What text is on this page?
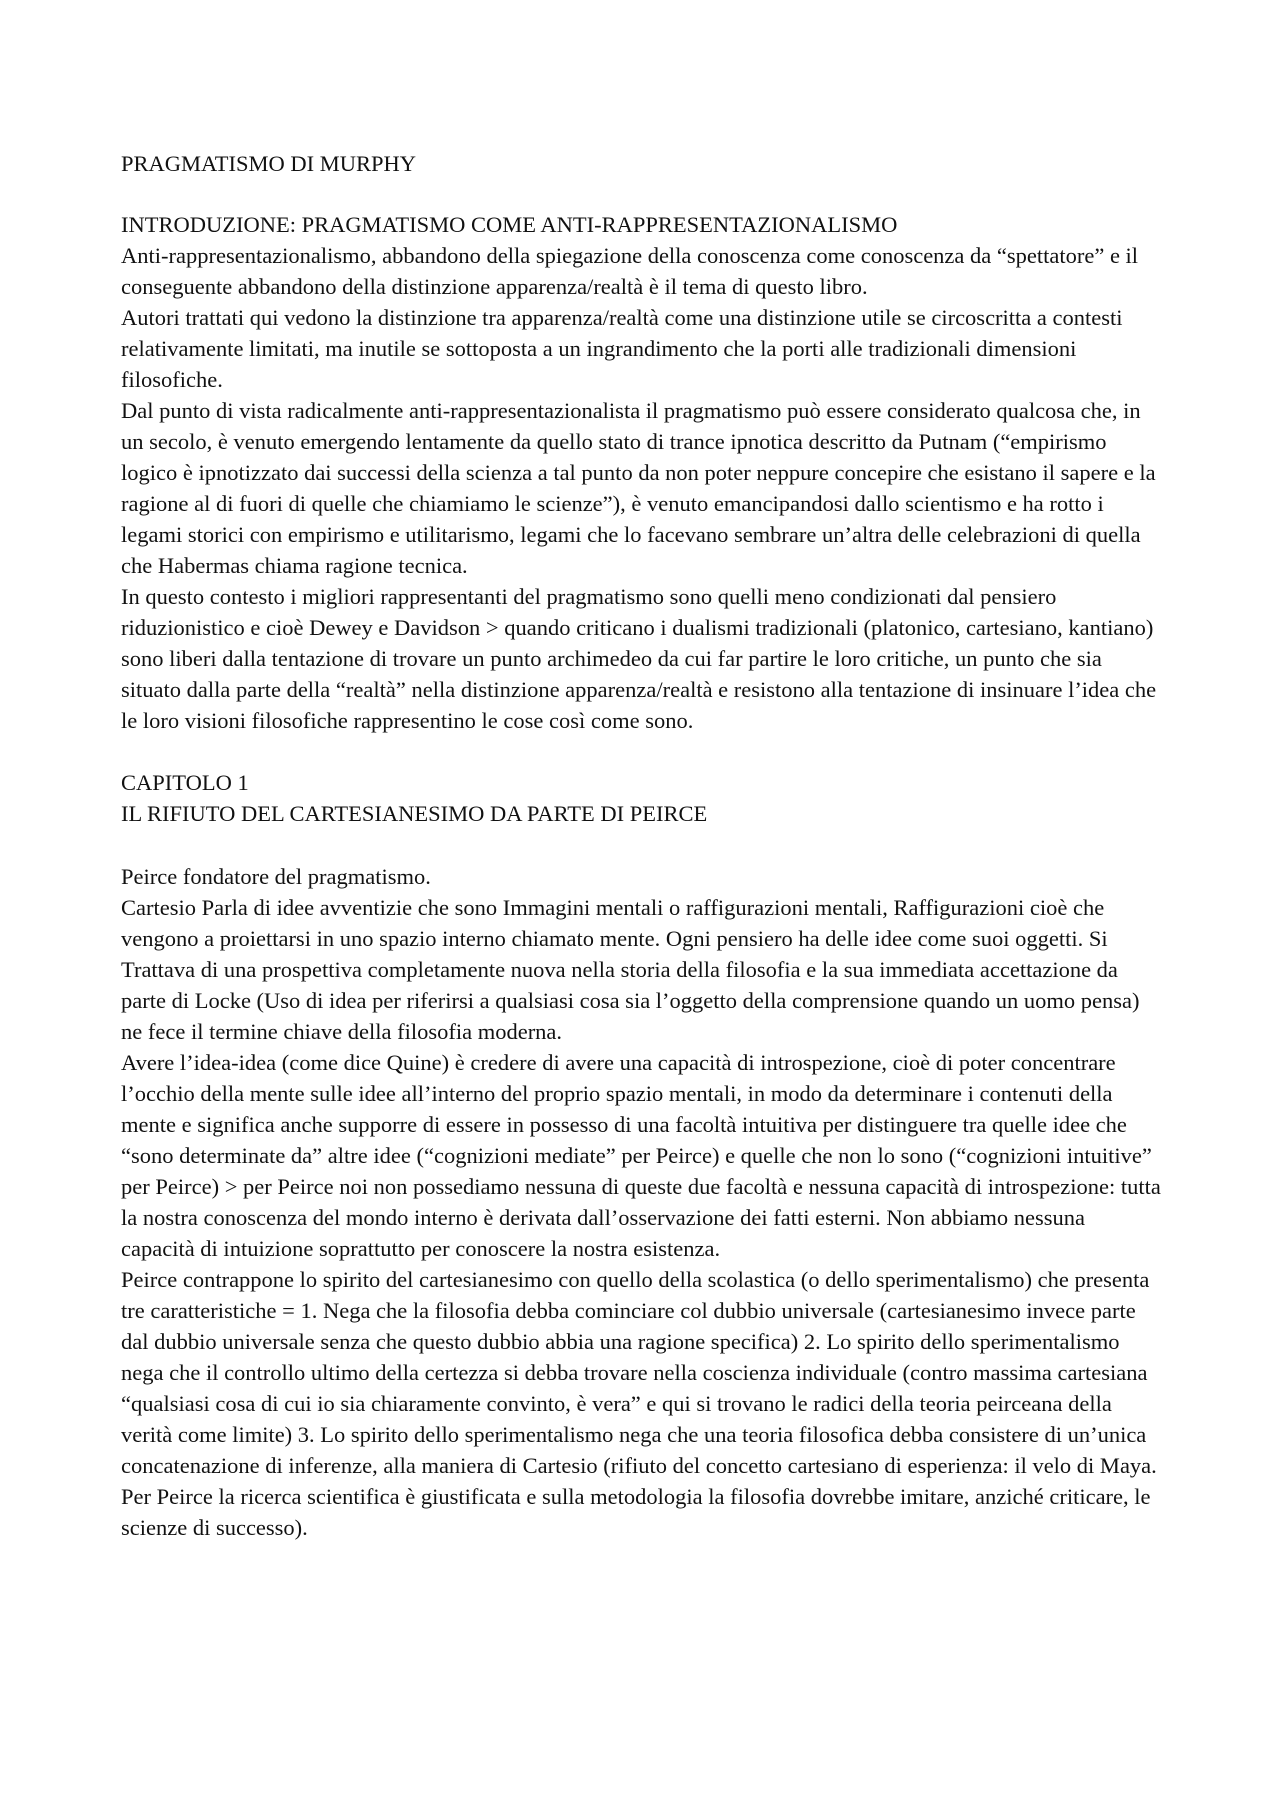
PRAGMATISMO DI MURPHY

INTRODUZIONE: PRAGMATISMO COME ANTI-RAPPRESENTAZIONALISMO

Anti-rappresentazionalismo, abbandono della spiegazione della conoscenza come conoscenza da “spettatore” e il conseguente abbandono della distinzione apparenza/realtà è il tema di questo libro.

Autori trattati qui vedono la distinzione tra apparenza/realtà come una distinzione utile se circoscritta a contesti relativamente limitati, ma inutile se sottoposta a un ingrandimento che la porti alle tradizionali dimensioni filosofiche.

Dal punto di vista radicalmente anti-rappresentazionalista il pragmatismo può essere considerato qualcosa che, in un secolo, è venuto emergendo lentamente da quello stato di trance ipnotica descritto da Putnam (“empirismo logico è ipnotizzato dai successi della scienza a tal punto da non poter neppure concepire che esistano il sapere e la ragione al di fuori di quelle che chiamiamo le scienze”), è venuto emancipandosi dallo scientismo e ha rotto i legami storici con empirismo e utilitarismo, legami che lo facevano sembrare un’altra delle celebrazioni di quella che Habermas chiama ragione tecnica.

In questo contesto i migliori rappresentanti del pragmatismo sono quelli meno condizionati dal pensiero riduzionistico e cioè Dewey e Davidson > quando criticano i dualismi tradizionali (platonico, cartesiano, kantiano) sono liberi dalla tentazione di trovare un punto archimedeo da cui far partire le loro critiche, un punto che sia situato dalla parte della “realtà” nella distinzione apparenza/realtà e resistono alla tentazione di insinuare l’idea che le loro visioni filosofiche rappresentino le cose così come sono.

CAPITOLO 1

IL RIFIUTO DEL CARTESIANESIMO DA PARTE DI PEIRCE

Peirce fondatore del pragmatismo.

Cartesio Parla di idee avventizie che sono Immagini mentali o raffigurazioni mentali, Raffigurazioni cioè che vengono a proiettarsi in uno spazio interno chiamato mente. Ogni pensiero ha delle idee come suoi oggetti. Si Trattava di una prospettiva completamente nuova nella storia della filosofia e la sua immediata accettazione da parte di Locke (Uso di idea per riferirsi a qualsiasi cosa sia l’oggetto della comprensione quando un uomo pensa) ne fece il termine chiave della filosofia moderna.

Avere l’idea-idea (come dice Quine) è credere di avere una capacità di introspezione, cioè di poter concentrare l’occhio della mente sulle idee all’interno del proprio spazio mentali, in modo da determinare i contenuti della mente e significa anche supporre di essere in possesso di una facoltà intuitiva per distinguere tra quelle idee che “sono determinate da” altre idee (“cognizioni mediate” per Peirce) e quelle che non lo sono (“cognizioni intuitive” per Peirce) > per Peirce noi non possediamo nessuna di queste due facoltà e nessuna capacità di introspezione: tutta la nostra conoscenza del mondo interno è derivata dall’osservazione dei fatti esterni. Non abbiamo nessuna capacità di intuizione soprattutto per conoscere la nostra esistenza.

Peirce contrappone lo spirito del cartesianesimo con quello della scolastica (o dello sperimentalismo) che presenta tre caratteristiche = 1. Nega che la filosofia debba cominciare col dubbio universale (cartesianesimo invece parte dal dubbio universale senza che questo dubbio abbia una ragione specifica) 2. Lo spirito dello sperimentalismo nega che il controllo ultimo della certezza si debba trovare nella coscienza individuale (contro massima cartesiana “qualsiasi cosa di cui io sia chiaramente convinto, è vera” e qui si trovano le radici della teoria peirceana della verità come limite) 3. Lo spirito dello sperimentalismo nega che una teoria filosofica debba consistere di un’unica concatenazione di inferenze, alla maniera di Cartesio (rifiuto del concetto cartesiano di esperienza: il velo di Maya. Per Peirce la ricerca scientifica è giustificata e sulla metodologia la filosofia dovrebbe imitare, anziché criticare, le scienze di successo).
